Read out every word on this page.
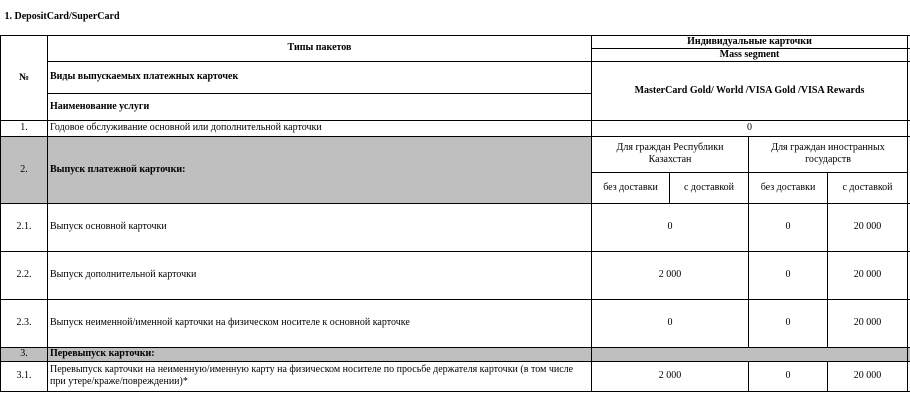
1. DepositCard/SuperCard						
№	Типы пакетов	Индивидуальные карточки				
		Mass segment				
	Виды выпускаемых платежных карточек	MasterCard Gold/ World /VISA Gold /VISA Rewards				
	Наименование услуги					
1.	Годовое обслуживание основной или дополнительной карточки	0				
2.	Выпуск платежной карточки:	Для граждан Республики Казахстан		Для граждан иностранных государств		
		без доставки	с доставкой	без доставки	с доставкой	
2.1.	Выпуск основной карточки	0		0	20 000	
2.2.	Выпуск дополнительной карточки	2 000		0	20 000	
2.3.	Выпуск неименной/именной карточки на физическом носителе к основной карточке	0		0	20 000	
3.	Перевыпуск карточки:					
3.1.	Перевыпуск карточки на неименную/именную карту на физическом носителе по просьбе держателя карточки (в том числе при утере/краже/повреждении)*	2 000		0	20 000	
